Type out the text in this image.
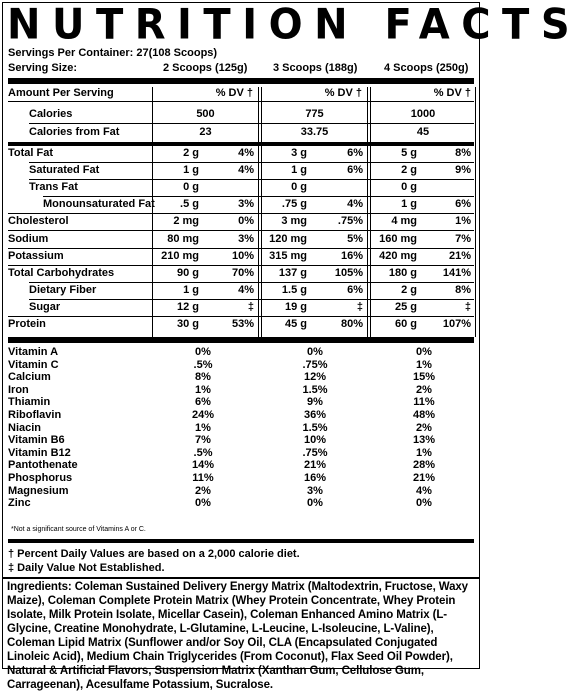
NUTRITION FACTS
Servings Per Container: 27(108 Scoops)
Serving Size:	2 Scoops (125g) 3 Scoops (188g) 4 Scoops (250g)
Amount Per Serving	% DV †	% DV †	% DV †
Calories	500	775	1000
Calories from Fat	23	33.75	45
Total Fat	2 g	4%	3 g	6%	5 g	8%
Saturated Fat	1 g	4%	1 g	6%	2 g	9%
Trans Fat	0 g	0 g	0 g
Monounsaturated Fat	.5 g	3%	.75 g	4%	1 g	6%
Cholesterol	2 mg	0%	3 mg	.75%	4 mg	1%
Sodium	80 mg	3%	120 mg	5%	160 mg	7%
Potassium	210 mg	10%	315 mg	16%	420 mg	21%
Total Carbohydrates	90 g	70%	137 g	105%	180 g	141%
Dietary Fiber	1 g	4%	1.5 g	6%	2 g	8%
Sugar	12 g	‡	19 g	‡	25 g	‡
Protein	30 g	53%	45 g	80%	60 g	107%
Vitamin A	0%	0%	0%
Vitamin C	.5%	.75%	1%
Calcium	8%	12%	15%
Iron	1%	1.5%	2%
Thiamin	6%	9%	11%
Riboflavin	24%	36%	48%
Niacin	1%	1.5%	2%
Vitamin B6	7%	10%	13%
Vitamin B12	.5%	.75%	1%
Pantothenate	14%	21%	28%
Phosphorus	11%	16%	21%
Magnesium	2%	3%	4%
Zinc	0%	0%	0%
*Not a significant source of Vitamins A or C.
† Percent Daily Values are based on a 2,000 calorie diet.
‡ Daily Value Not Established.
Ingredients: Coleman Sustained Delivery Energy Matrix (Maltodextrin, Fructose, Waxy Maize), Coleman Complete Protein Matrix (Whey Protein Concentrate, Whey Protein Isolate, Milk Protein Isolate, Micellar Casein), Coleman Enhanced Amino Matrix (L-Glycine, Creatine Monohydrate, L-Glutamine, L-Leucine, L-Isoleucine, L-Valine), Coleman Lipid Matrix (Sunflower and/or Soy Oil, CLA (Encapsulated Conjugated Linoleic Acid), Medium Chain Triglycerides (From Coconut), Flax Seed Oil Powder), Natural & Artificial Flavors, Suspension Matrix (Xanthan Gum, Cellulose Gum, Carrageenan), Acesulfame Potassium, Sucralose.
